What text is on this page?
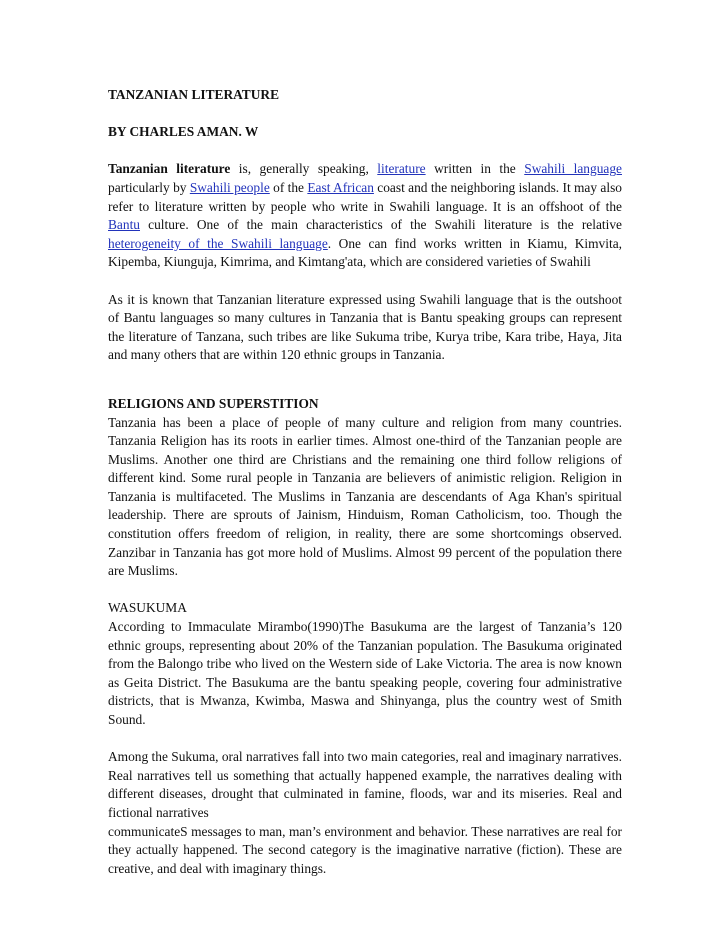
TANZANIAN LITERATURE

BY CHARLES AMAN. W

Tanzanian literature is, generally speaking, literature written in the Swahili language particularly by Swahili people of the East African coast and the neighboring islands. It may also refer to literature written by people who write in Swahili language. It is an offshoot of the Bantu culture. One of the main characteristics of the Swahili literature is the relative heterogeneity of the Swahili language. One can find works written in Kiamu, Kimvita, Kipemba, Kiunguja, Kimrima, and Kimtang'ata, which are considered varieties of Swahili

As it is known that Tanzanian literature expressed using Swahili language that is the outshoot of Bantu languages so many cultures in Tanzania that is Bantu speaking groups can represent the literature of Tanzana, such tribes are like Sukuma tribe, Kurya tribe, Kara tribe, Haya, Jita and many others that are within 120 ethnic groups in Tanzania.

RELIGIONS AND SUPERSTITION

Tanzania has been a place of people of many culture and religion from many countries. Tanzania Religion has its roots in earlier times. Almost one-third of the Tanzanian people are Muslims. Another one third are Christians and the remaining one third follow religions of different kind. Some rural people in Tanzania are believers of animistic religion. Religion in Tanzania is multifaceted. The Muslims in Tanzania are descendants of Aga Khan's spiritual leadership. There are sprouts of Jainism, Hinduism, Roman Catholicism, too. Though the constitution offers freedom of religion, in reality, there are some shortcomings observed. Zanzibar in Tanzania has got more hold of Muslims. Almost 99 percent of the population there are Muslims.

WASUKUMA

According to Immaculate Mirambo(1990)The Basukuma are the largest of Tanzania’s 120 ethnic groups, representing about 20% of the Tanzanian population. The Basukuma originated from the Balongo tribe who lived on the Western side of Lake Victoria. The area is now known as Geita District. The Basukuma are the bantu speaking people, covering four administrative districts, that is Mwanza, Kwimba, Maswa and Shinyanga, plus the country west of Smith Sound.

Among the Sukuma, oral narratives fall into two main categories, real and imaginary narratives. Real narratives tell us something that actually happened example, the narratives dealing with different diseases, drought that culminated in famine, floods, war and its miseries. Real and fictional narratives

communicateS messages to man, man’s environment and behavior. These narratives are real for they actually happened. The second category is the imaginative narrative (fiction). These are creative, and deal with imaginary things.
